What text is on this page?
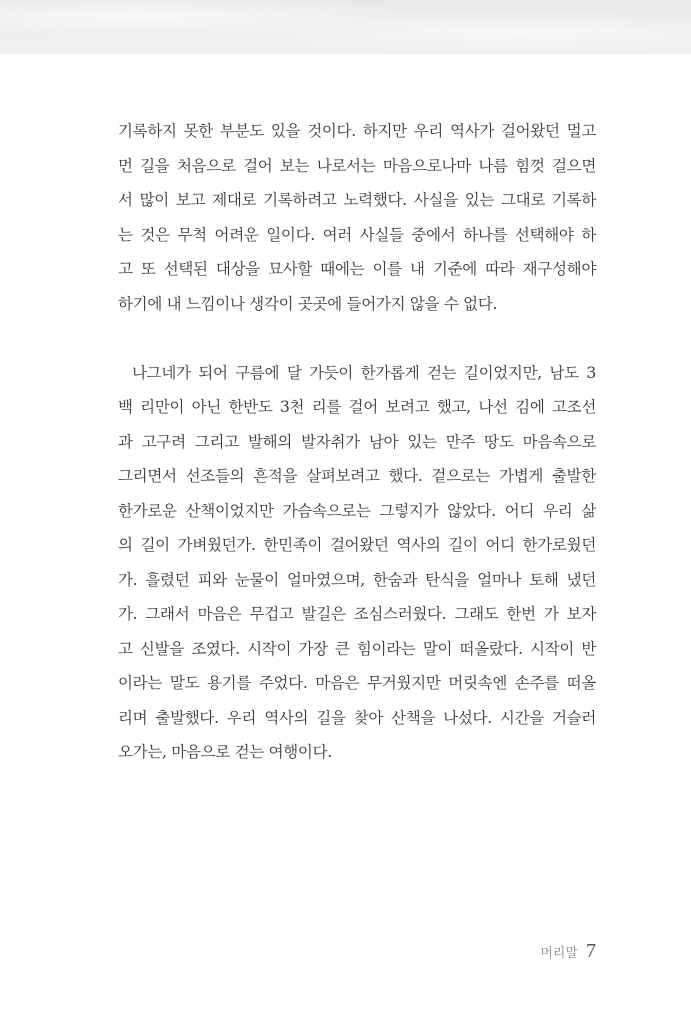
기록하지 못한 부분도 있을 것이다. 하지만 우리 역사가 걸어왔던 멀고
먼 길을 처음으로 걸어 보는 나로서는 마음으로나마 나름 힘껏 걸으면
서 많이 보고 제대로 기록하려고 노력했다. 사실을 있는 그대로 기록하
는 것은 무척 어려운 일이다. 여러 사실들 중에서 하나를 선택해야 하
고 또 선택된 대상을 묘사할 때에는 이를 내 기준에 따라 재구성해야
하기에 내 느낌이나 생각이 곳곳에 들어가지 않을 수 없다.
나그네가 되어 구름에 달 가듯이 한가롭게 걷는 길이었지만, 남도 3
백 리만이 아닌 한반도 3천 리를 걸어 보려고 했고, 나선 김에 고조선
과 고구려 그리고 발해의 발자취가 남아 있는 만주 땅도 마음속으로
그리면서 선조들의 흔적을 살펴보려고 했다. 겉으로는 가볍게 출발한
한가로운 산책이었지만 가슴속으로는 그렇지가 않았다. 어디 우리 삶
의 길이 가벼웠던가. 한민족이 걸어왔던 역사의 길이 어디 한가로웠던
가. 흘렸던 피와 눈물이 얼마였으며, 한숨과 탄식을 얼마나 토해 냈던
가. 그래서 마음은 무겁고 발길은 조심스러웠다. 그래도 한번 가 보자
고 신발을 조였다. 시작이 가장 큰 힘이라는 말이 떠올랐다. 시작이 반
이라는 말도 용기를 주었다. 마음은 무거웠지만 머릿속엔 손주를 떠올
리며 출발했다. 우리 역사의 길을 찾아 산책을 나섰다. 시간을 거슬러
오가는, 마음으로 걷는 여행이다.
머리말 7
